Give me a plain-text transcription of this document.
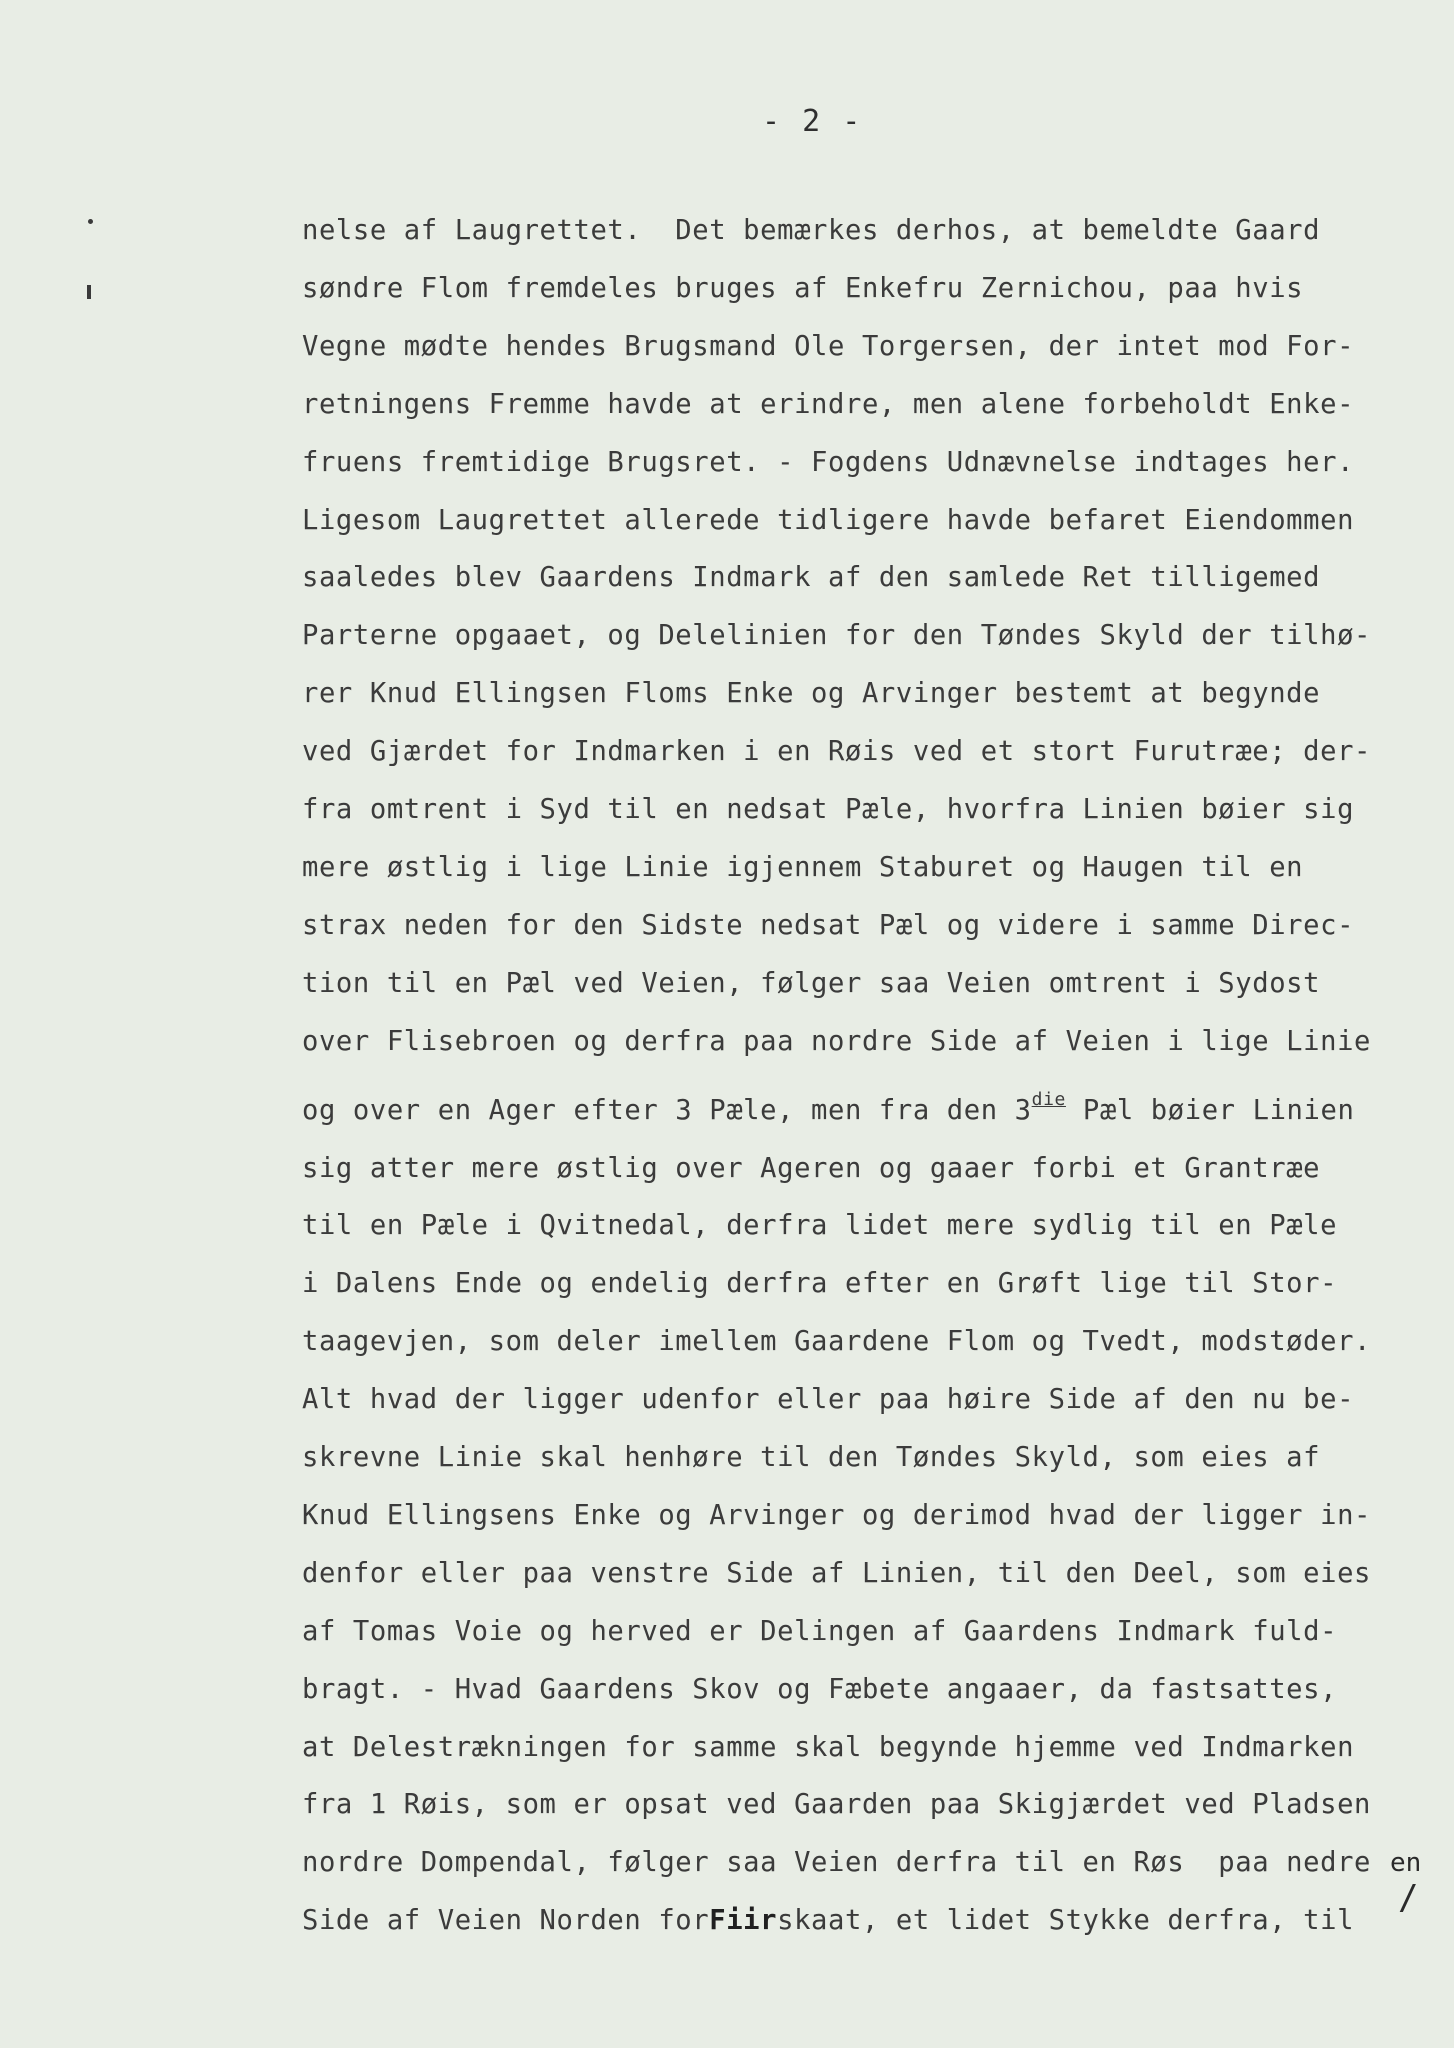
- 2 -
nelse af Laugrettet.  Det bemærkes derhos, at bemeldte Gaard
søndre Flom fremdeles bruges af Enkefru Zernichou, paa hvis
Vegne mødte hendes Brugsmand Ole Torgersen, der intet mod For-
retningens Fremme havde at erindre, men alene forbeholdt Enke-
fruens fremtidige Brugsret. - Fogdens Udnævnelse indtages her.
Ligesom Laugrettet allerede tidligere havde befaret Eiendommen
saaledes blev Gaardens Indmark af den samlede Ret tilligemed
Parterne opgaaet, og Delelinien for den Tøndes Skyld der tilhø-
rer Knud Ellingsen Floms Enke og Arvinger bestemt at begynde
ved Gjærdet for Indmarken i en Røis ved et stort Furutræe; der-
fra omtrent i Syd til en nedsat Pæle, hvorfra Linien bøier sig
mere østlig i lige Linie igjennem Staburet og Haugen til en
strax neden for den Sidste nedsat Pæl og videre i samme Direc-
tion til en Pæl ved Veien, følger saa Veien omtrent i Sydost
over Flisebroen og derfra paa nordre Side af Veien i lige Linie
og over en Ager efter 3 Pæle, men fra den $3^{die}$ Pæl bøier Linien
sig atter mere østlig over Ageren og gaaer forbi et Grantræe
til en Pæle i Qvitnedal, derfra lidet mere sydlig til en Pæle
i Dalens Ende og endelig derfra efter en Grøft lige til Stor-
taagevjen, som deler imellem Gaardene Flom og Tvedt, modstøder.
Alt hvad der ligger udenfor eller paa høire Side af den nu be-
skrevne Linie skal henhøre til den Tøndes Skyld, som eies af
Knud Ellingsens Enke og Arvinger og derimod hvad der ligger in-
denfor eller paa venstre Side af Linien, til den Deel, som eies
af Tomas Voie og herved er Delingen af Gaardens Indmark fuld-
bragt. - Hvad Gaardens Skov og Fæbete angaaer, da fastsattes,
at Delestrækningen for samme skal begynde hjemme ved Indmarken
fra 1 Røis, som er opsat ved Gaarden paa Skigjærdet ved Pladsen
nordre Dompendal, følger saa Veien derfra til en Røs  paa nedre
Side af Veien Norden forFiirskaat, et lidet Stykke derfra, til
en
/
